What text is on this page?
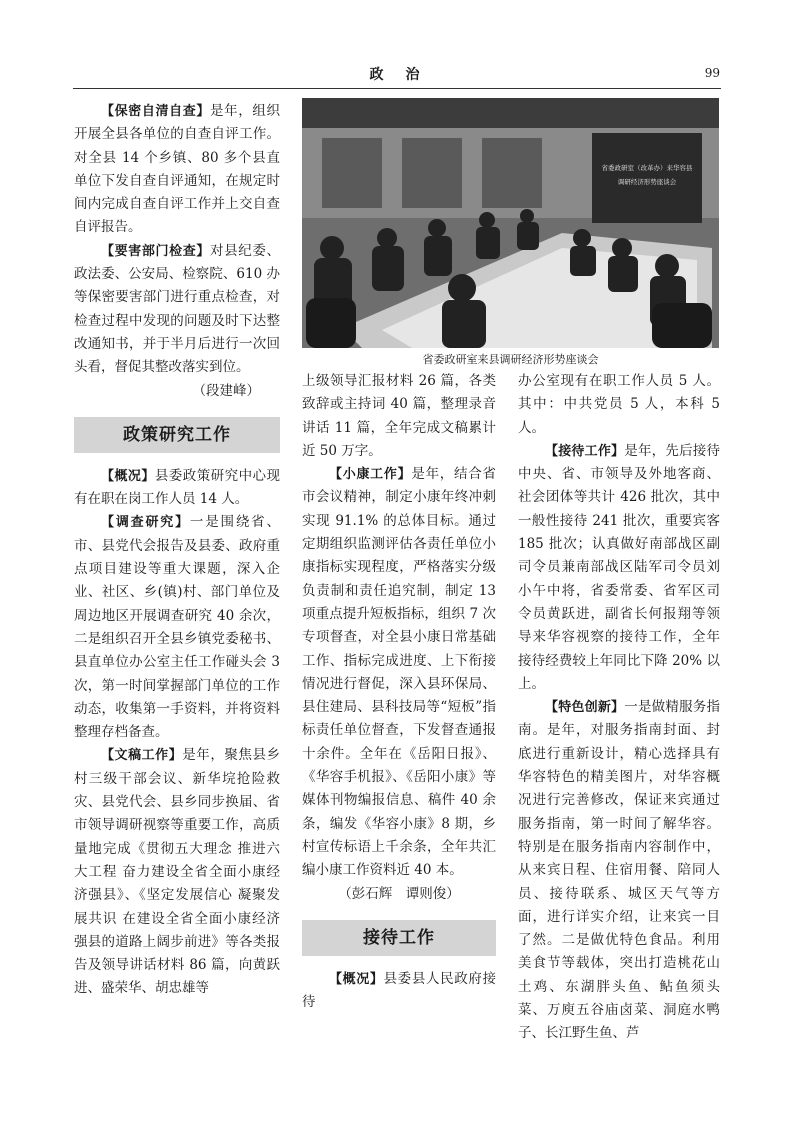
政　治	99

【保密自清自查】是年，组织开展全县各单位的自查自评工作。对全县 14 个乡镇、80 多个县直单位下发自查自评通知，在规定时间内完成自查自评工作并上交自查自评报告。

【要害部门检查】对县纪委、政法委、公安局、检察院、610 办等保密要害部门进行重点检查，对检查过程中发现的问题及时下达整改通知书，并于半月后进行一次回头看，督促其整改落实到位。

（段建峰）

政策研究工作

【概况】县委政策研究中心现有在职在岗工作人员 14 人。

【调查研究】一是围绕省、市、县党代会报告及县委、政府重点项目建设等重大课题，深入企业、社区、乡(镇)村、部门单位及周边地区开展调查研究 40 余次，二是组织召开全县乡镇党委秘书、县直单位办公室主任工作碰头会 3 次，第一时间掌握部门单位的工作动态，收集第一手资料，并将资料整理存档备查。

【文稿工作】是年，聚焦县乡村三级干部会议、新华垸抢险救灾、县党代会、县乡同步换届、省市领导调研视察等重要工作，高质量地完成《贯彻五大理念 推进六大工程 奋力建设全省全面小康经济强县》、《坚定发展信心 凝聚发展共识 在建设全省全面小康经济强县的道路上阔步前进》等各类报告及领导讲话材料 86 篇，向黄跃进、盛荣华、胡忠雄等

省委政研室（改革办）来华容县
调研经济形势座谈会
省委政研室来县调研经济形势座谈会

上级领导汇报材料 26 篇，各类致辞或主持词 40 篇，整理录音讲话 11 篇，全年完成文稿累计近 50 万字。

【小康工作】是年，结合省市会议精神，制定小康年终冲刺实现 91.1% 的总体目标。通过定期组织监测评估各责任单位小康指标实现程度，严格落实分级负责制和责任追究制，制定 13 项重点提升短板指标，组织 7 次专项督查，对全县小康日常基础工作、指标完成进度、上下衔接情况进行督促，深入县环保局、县住建局、县科技局等“短板”指标责任单位督查，下发督查通报十余件。全年在《岳阳日报》、《华容手机报》、《岳阳小康》等媒体刊物编报信息、稿件 40 余条，编发《华容小康》8 期，乡村宣传标语上千余条，全年共汇编小康工作资料近 40 本。

（彭石辉　谭则俊）

接待工作

【概况】县委县人民政府接待

办公室现有在职工作人员 5 人。其中：中共党员 5 人，本科 5 人。

【接待工作】是年，先后接待中央、省、市领导及外地客商、社会团体等共计 426 批次，其中一般性接待 241 批次，重要宾客 185 批次；认真做好南部战区副司令员兼南部战区陆军司令员刘小午中将，省委常委、省军区司令员黄跃进，副省长何报翔等领导来华容视察的接待工作，全年接待经费较上年同比下降 20% 以上。

【特色创新】一是做精服务指南。是年，对服务指南封面、封底进行重新设计，精心选择具有华容特色的精美图片，对华容概况进行完善修改，保证来宾通过服务指南，第一时间了解华容。特别是在服务指南内容制作中，从来宾日程、住宿用餐、陪同人员、接待联系、城区天气等方面，进行详实介绍，让来宾一目了然。二是做优特色食品。利用美食节等载体，突出打造桃花山土鸡、东湖胖头鱼、鲇鱼须头菜、万庾五谷庙卤菜、洞庭水鸭子、长江野生鱼、芦
